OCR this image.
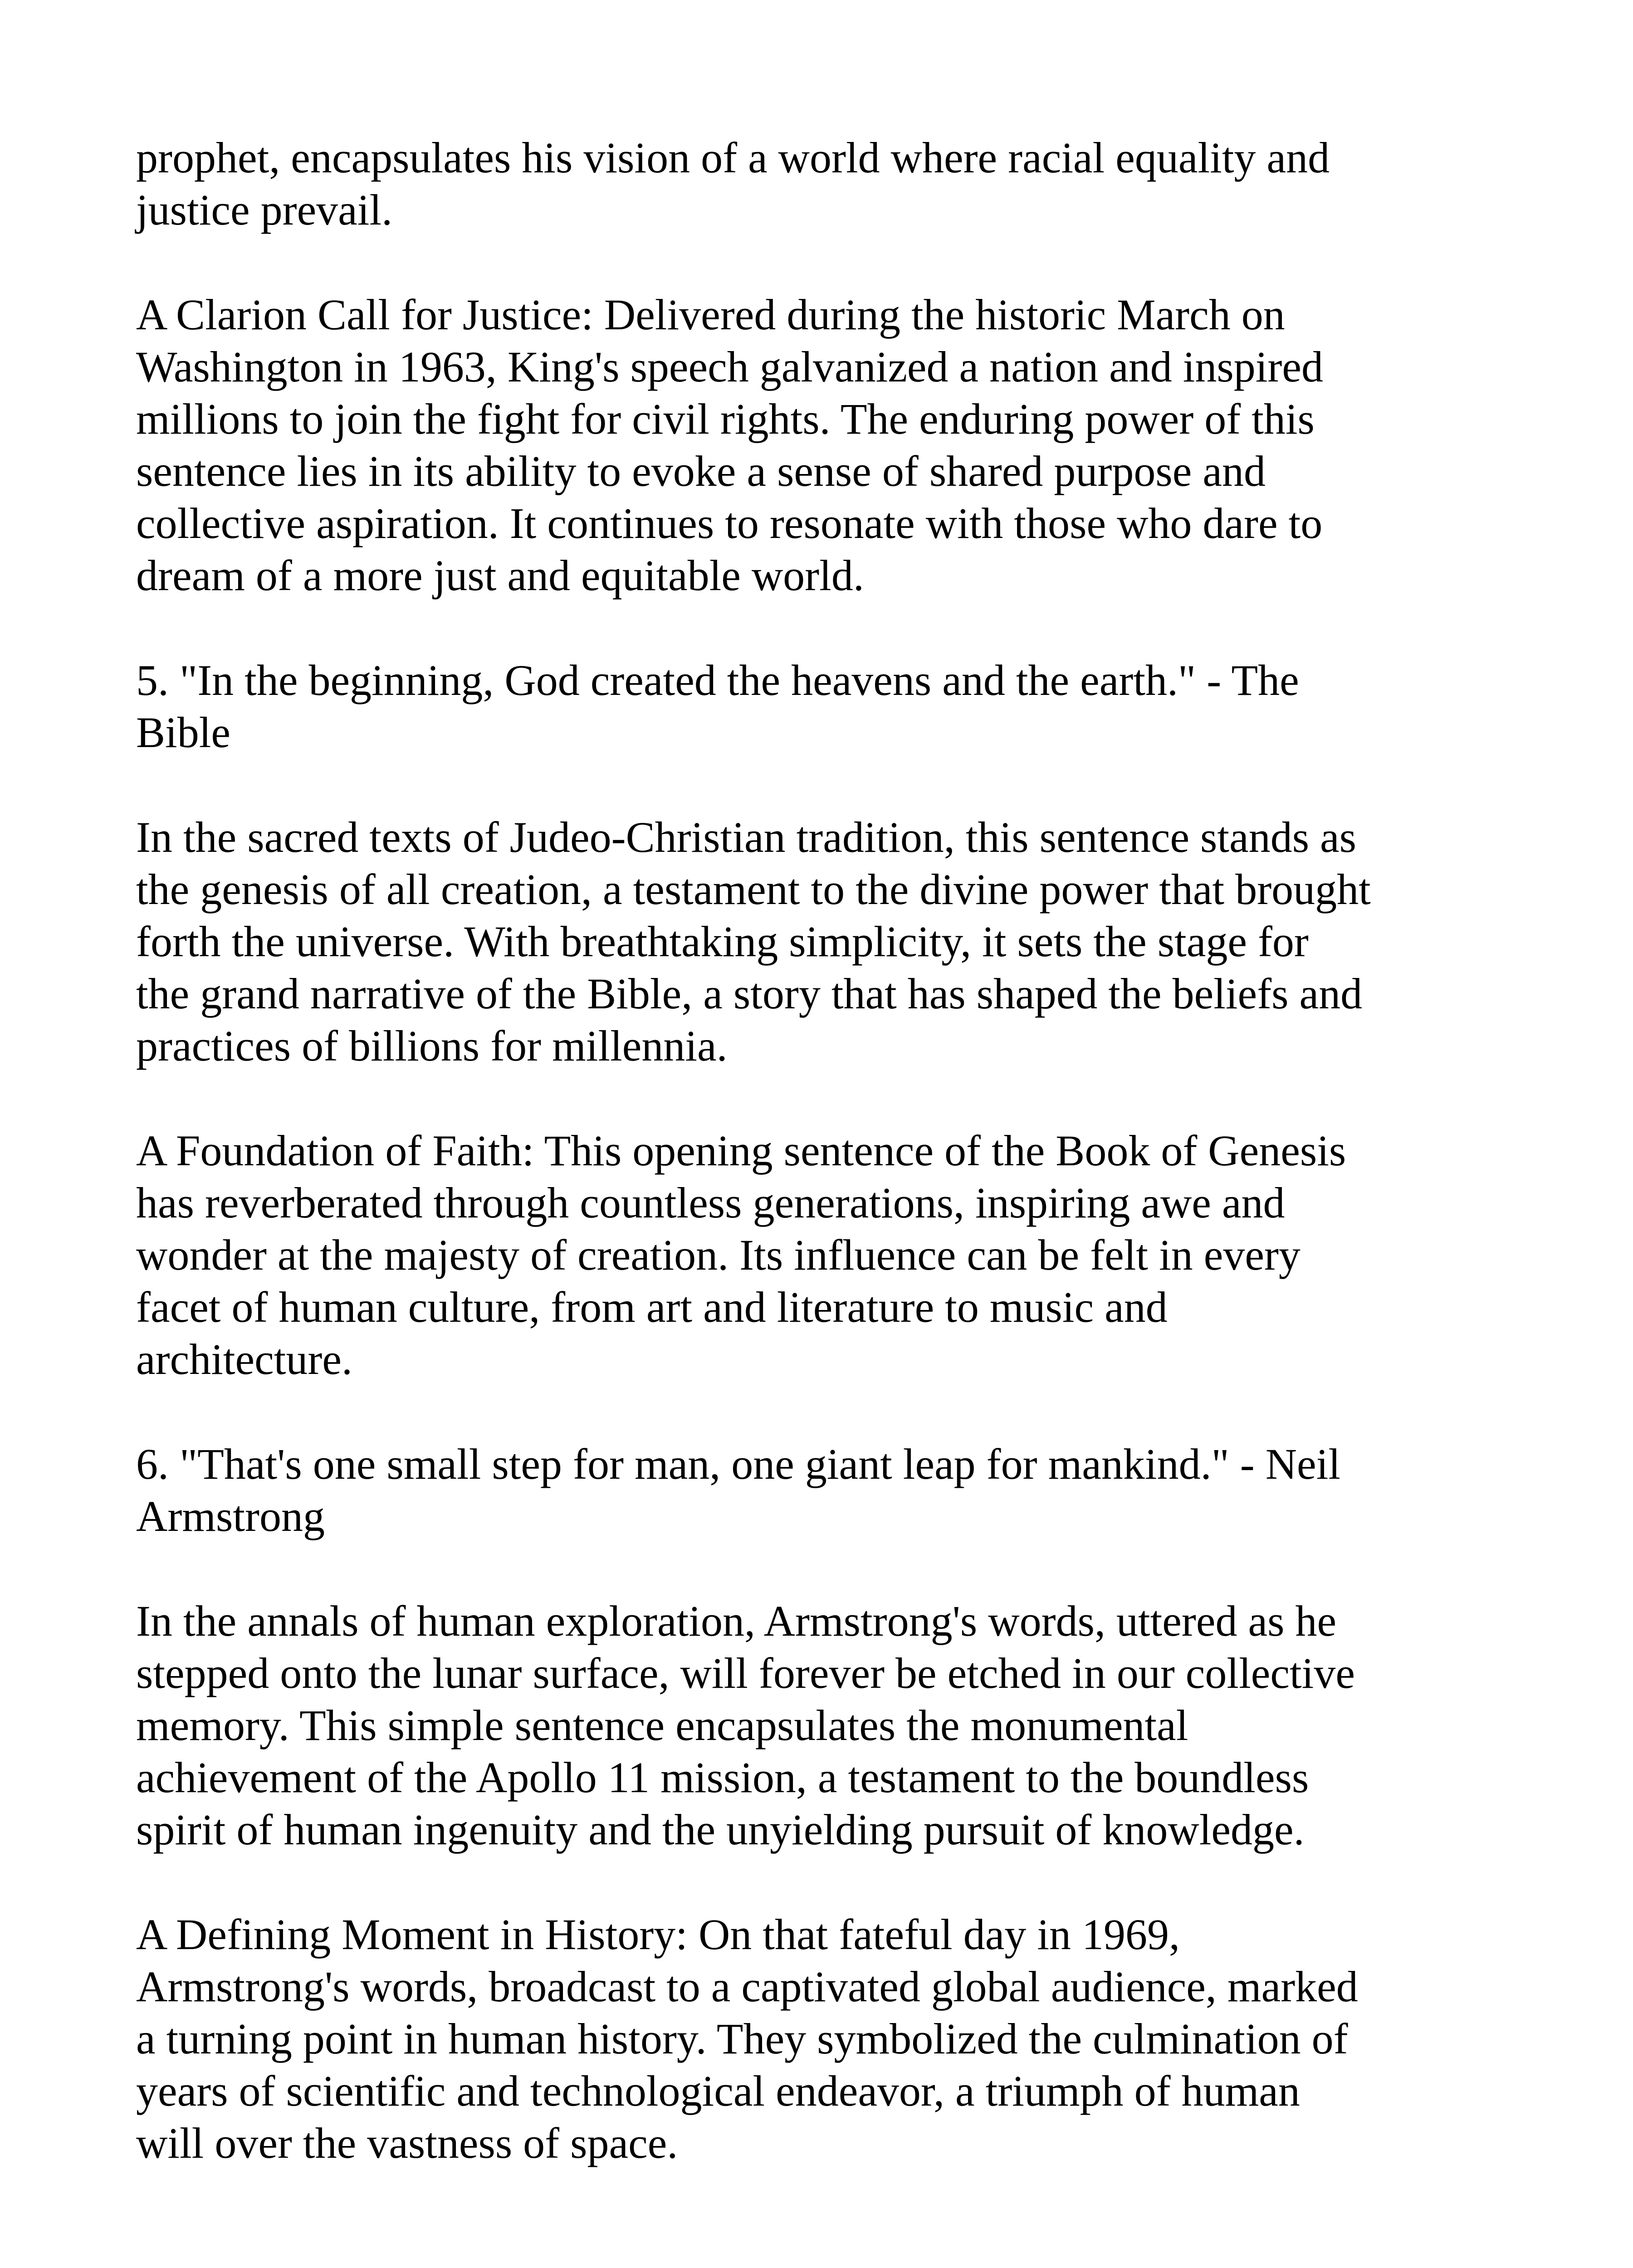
prophet, encapsulates his vision of a world where racial equality and
justice prevail.

A Clarion Call for Justice: Delivered during the historic March on
Washington in 1963, King's speech galvanized a nation and inspired
millions to join the fight for civil rights. The enduring power of this
sentence lies in its ability to evoke a sense of shared purpose and
collective aspiration. It continues to resonate with those who dare to
dream of a more just and equitable world.

5. "In the beginning, God created the heavens and the earth." - The
Bible

In the sacred texts of Judeo-Christian tradition, this sentence stands as
the genesis of all creation, a testament to the divine power that brought
forth the universe. With breathtaking simplicity, it sets the stage for
the grand narrative of the Bible, a story that has shaped the beliefs and
practices of billions for millennia.

A Foundation of Faith: This opening sentence of the Book of Genesis
has reverberated through countless generations, inspiring awe and
wonder at the majesty of creation. Its influence can be felt in every
facet of human culture, from art and literature to music and
architecture.

6. "That's one small step for man, one giant leap for mankind." - Neil
Armstrong

In the annals of human exploration, Armstrong's words, uttered as he
stepped onto the lunar surface, will forever be etched in our collective
memory. This simple sentence encapsulates the monumental
achievement of the Apollo 11 mission, a testament to the boundless
spirit of human ingenuity and the unyielding pursuit of knowledge.

A Defining Moment in History: On that fateful day in 1969,
Armstrong's words, broadcast to a captivated global audience, marked
a turning point in human history. They symbolized the culmination of
years of scientific and technological endeavor, a triumph of human
will over the vastness of space.
